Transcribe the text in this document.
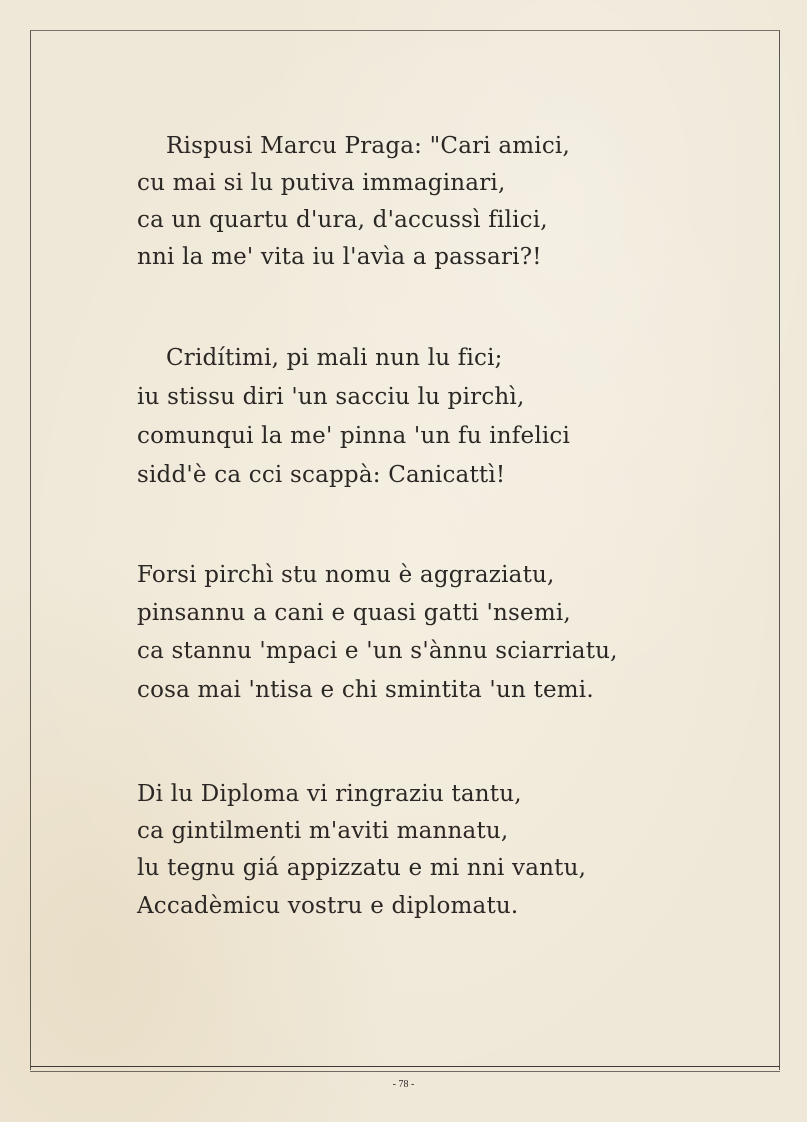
Rispusi Marcu Praga: "Cari amici,
cu mai si lu putiva immaginari,
ca un quartu d'ura, d'accussì filici,
nni la me' vita iu l'avìa a passari?!
Cridítimi, pi mali nun lu fici;
iu stissu diri 'un sacciu lu pirchì,
comunqui la me' pinna 'un fu infelici
sidd'è ca cci scappà: Canicattì!
Forsi pirchì stu nomu è aggraziatu,
pinsannu a cani e quasi gatti 'nsemi,
ca stannu 'mpaci e 'un s'ànnu sciarriatu,
cosa mai 'ntisa e chi smintita 'un temi.
Di lu Diploma vi ringraziu tantu,
ca gintilmenti m'aviti mannatu,
lu tegnu giá appizzatu e mi nni vantu,
Accadèmicu vostru e diplomatu.
- 78 -
